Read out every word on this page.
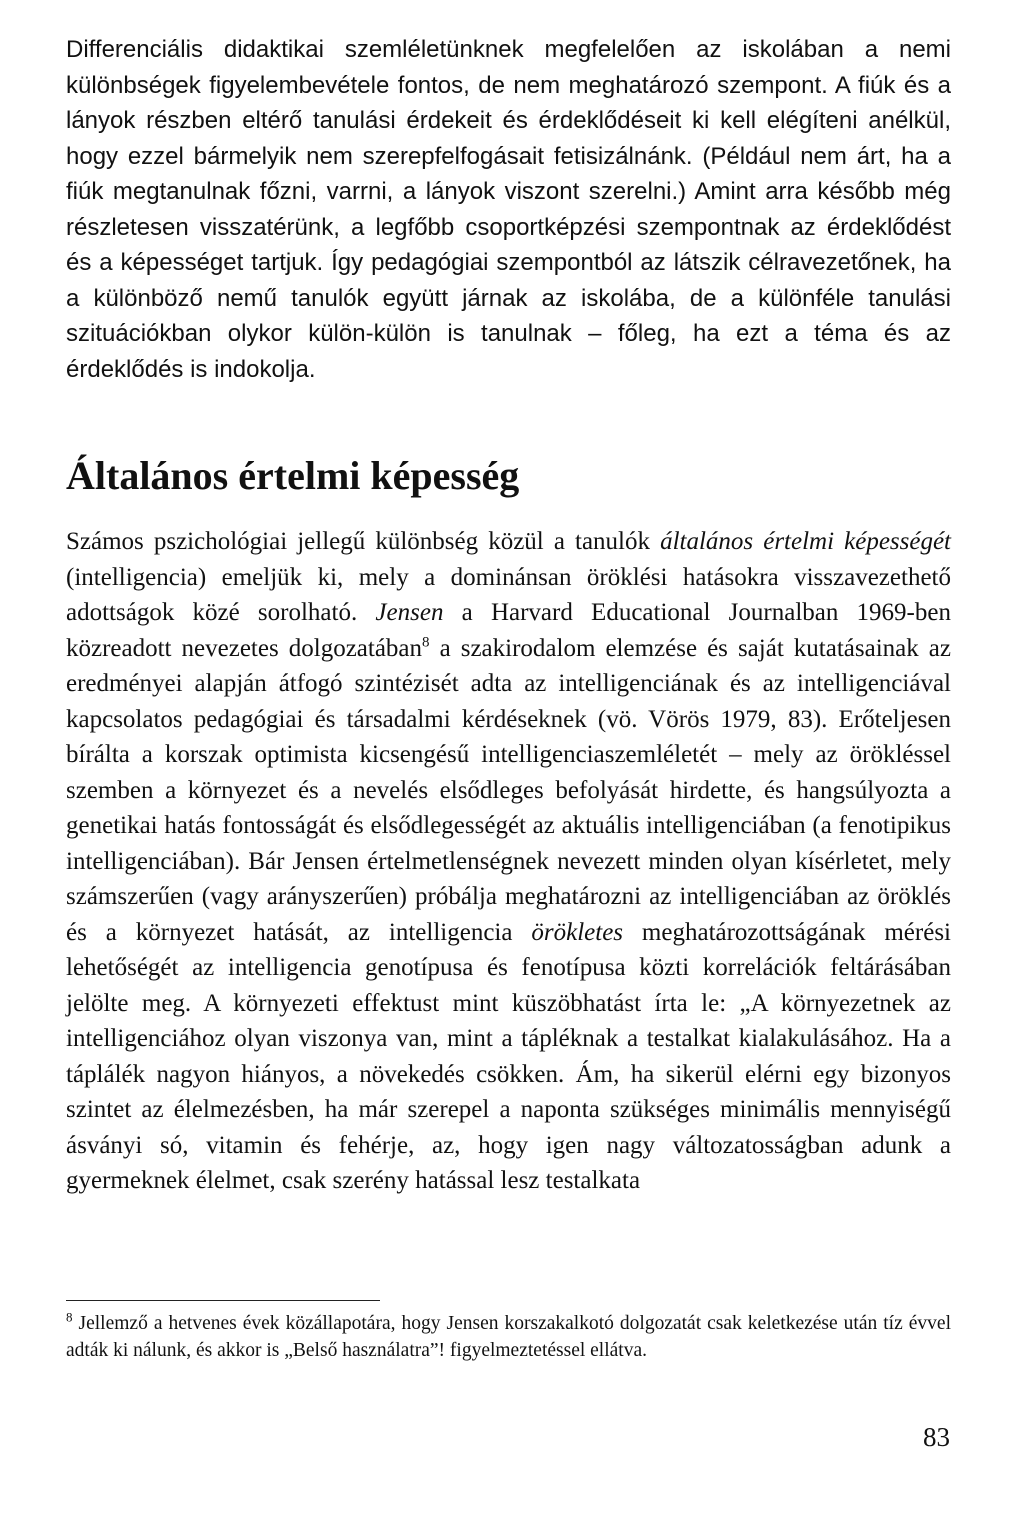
Differenciális didaktikai szemléletünknek megfelelően az iskolában a nemi különbségek figyelembevétele fontos, de nem meghatározó szempont. A fiúk és a lányok részben eltérő tanulási érdekeit és érdeklődéseit ki kell elégíteni anélkül, hogy ezzel bármelyik nem szerepfelfogásait fetisizálnánk. (Például nem árt, ha a fiúk megtanulnak főzni, varrni, a lányok viszont szerelni.) Amint arra később még részletesen visszatérünk, a legfőbb csoportképzési szempontnak az érdeklődést és a képességet tartjuk. Így pedagógiai szempontból az látszik célravezetőnek, ha a különböző nemű tanulók együtt járnak az iskolába, de a különféle tanulási szituációkban olykor külön-külön is tanulnak – főleg, ha ezt a téma és az érdeklődés is indokolja.

Általános értelmi képesség

Számos pszichológiai jellegű különbség közül a tanulók általános értelmi képességét (intelligencia) emeljük ki, mely a dominánsan öröklési hatásokra visszavezethető adottságok közé sorolható. Jensen a Harvard Educational Journalban 1969-ben közreadott nevezetes dolgozatában$^8$ a szakirodalom elemzése és saját kutatásainak az eredményei alapján átfogó szintézisét adta az intelligenciának és az intelligenciával kapcsolatos pedagógiai és társadalmi kérdéseknek (vö. Vörös 1979, 83). Erőteljesen bírálta a korszak optimista kicsengésű intelligenciaszemléletét – mely az örökléssel szemben a környezet és a nevelés elsődleges befolyását hirdette, és hangsúlyozta a genetikai hatás fontosságát és elsődlegességét az aktuális intelligenciában (a fenotipikus intelligenciában). Bár Jensen értelmetlenségnek nevezett minden olyan kísérletet, mely számszerűen (vagy arányszerűen) próbálja meghatározni az intelligenciában az öröklés és a környezet hatását, az intelligencia örökletes meghatározottságának mérési lehetőségét az intelligencia genotípusa és fenotípusa közti korrelációk feltárásában jelölte meg. A környezeti effektust mint küszöbhatást írta le: „A környezetnek az intelligenciához olyan viszonya van, mint a tápléknak a testalkat kialakulásához. Ha a táplálék nagyon hiányos, a növekedés csökken. Ám, ha sikerül elérni egy bizonyos szintet az élelmezésben, ha már szerepel a naponta szükséges minimális mennyiségű ásványi só, vitamin és fehérje, az, hogy igen nagy változatosságban adunk a gyermeknek élelmet, csak szerény hatással lesz testalkata

$^8$ Jellemző a hetvenes évek közállapotára, hogy Jensen korszakalkotó dolgozatát csak keletkezése után tíz évvel adták ki nálunk, és akkor is „Belső használatra”! figyelmeztetéssel ellátva.

83
